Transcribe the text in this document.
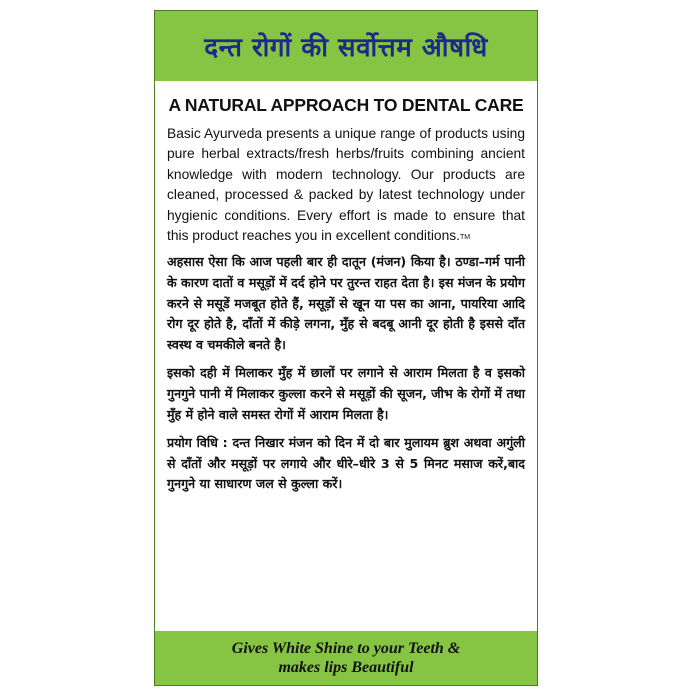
दन्त रोगों की सर्वोत्तम औषधि
A NATURAL APPROACH TO DENTAL CARE

Basic Ayurveda presents a unique range of products using pure herbal extracts/fresh herbs/fruits combining ancient knowledge with modern technology. Our products are cleaned, processed & packed by latest technology under hygienic conditions. Every effort is made to ensure that this product reaches you in excellent conditions.™

अहसास ऐसा कि आज पहली बार ही दातून (मंजन) किया है। ठण्डा–गर्म पानी के कारण दातों व मसूड़ों में दर्द होने पर तुरन्त राहत देता है। इस मंजन के प्रयोग करने से मसूडें मजबूत होते हैं, मसूड़ों से खून या पस का आना, पायरिया आदि रोग दूर होते है, दाँतों में कीड़े लगना, मुँह से बदबू आनी दूर होती है इससे दाँत स्वस्थ व चमकीले बनते है।

इसको दही में मिलाकर मुँह में छालों पर लगाने से आराम मिलता है व इसको गुनगुने पानी में मिलाकर कुल्ला करने से मसूड़ों की सूजन, जीभ के रोगों में तथा मुँह में होने वाले समस्त रोगों में आराम मिलता है।

प्रयोग विधि : दन्त निखार मंजन को दिन में दो बार मुलायम ब्रुश अथवा अगुंली से दाँतों और मसूड़ों पर लगाये और धीरे–धीरे 3 से 5 मिनट मसाज करें,बाद गुनगुने या साधारण जल से कुल्ला करें।

Gives White Shine to your Teeth &
makes lips Beautiful
